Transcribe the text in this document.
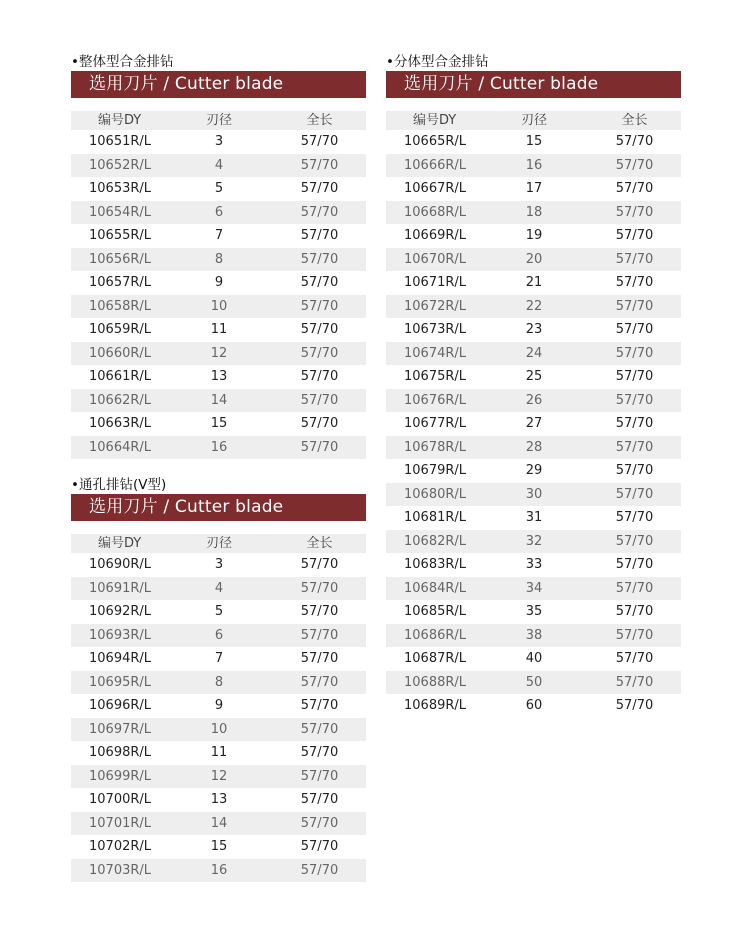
•整体型合金排钻
选用刀片 / Cutter blade
编号DY	刃径	全长
10651R/L	3	57/70
10652R/L	4	57/70
10653R/L	5	57/70
10654R/L	6	57/70
10655R/L	7	57/70
10656R/L	8	57/70
10657R/L	9	57/70
10658R/L	10	57/70
10659R/L	11	57/70
10660R/L	12	57/70
10661R/L	13	57/70
10662R/L	14	57/70
10663R/L	15	57/70
10664R/L	16	57/70
•通孔排钻(V型)
选用刀片 / Cutter blade
编号DY	刃径	全长
10690R/L	3	57/70
10691R/L	4	57/70
10692R/L	5	57/70
10693R/L	6	57/70
10694R/L	7	57/70
10695R/L	8	57/70
10696R/L	9	57/70
10697R/L	10	57/70
10698R/L	11	57/70
10699R/L	12	57/70
10700R/L	13	57/70
10701R/L	14	57/70
10702R/L	15	57/70
10703R/L	16	57/70
•分体型合金排钻
选用刀片 / Cutter blade
编号DY	刃径	全长
10665R/L	15	57/70
10666R/L	16	57/70
10667R/L	17	57/70
10668R/L	18	57/70
10669R/L	19	57/70
10670R/L	20	57/70
10671R/L	21	57/70
10672R/L	22	57/70
10673R/L	23	57/70
10674R/L	24	57/70
10675R/L	25	57/70
10676R/L	26	57/70
10677R/L	27	57/70
10678R/L	28	57/70
10679R/L	29	57/70
10680R/L	30	57/70
10681R/L	31	57/70
10682R/L	32	57/70
10683R/L	33	57/70
10684R/L	34	57/70
10685R/L	35	57/70
10686R/L	38	57/70
10687R/L	40	57/70
10688R/L	50	57/70
10689R/L	60	57/70
